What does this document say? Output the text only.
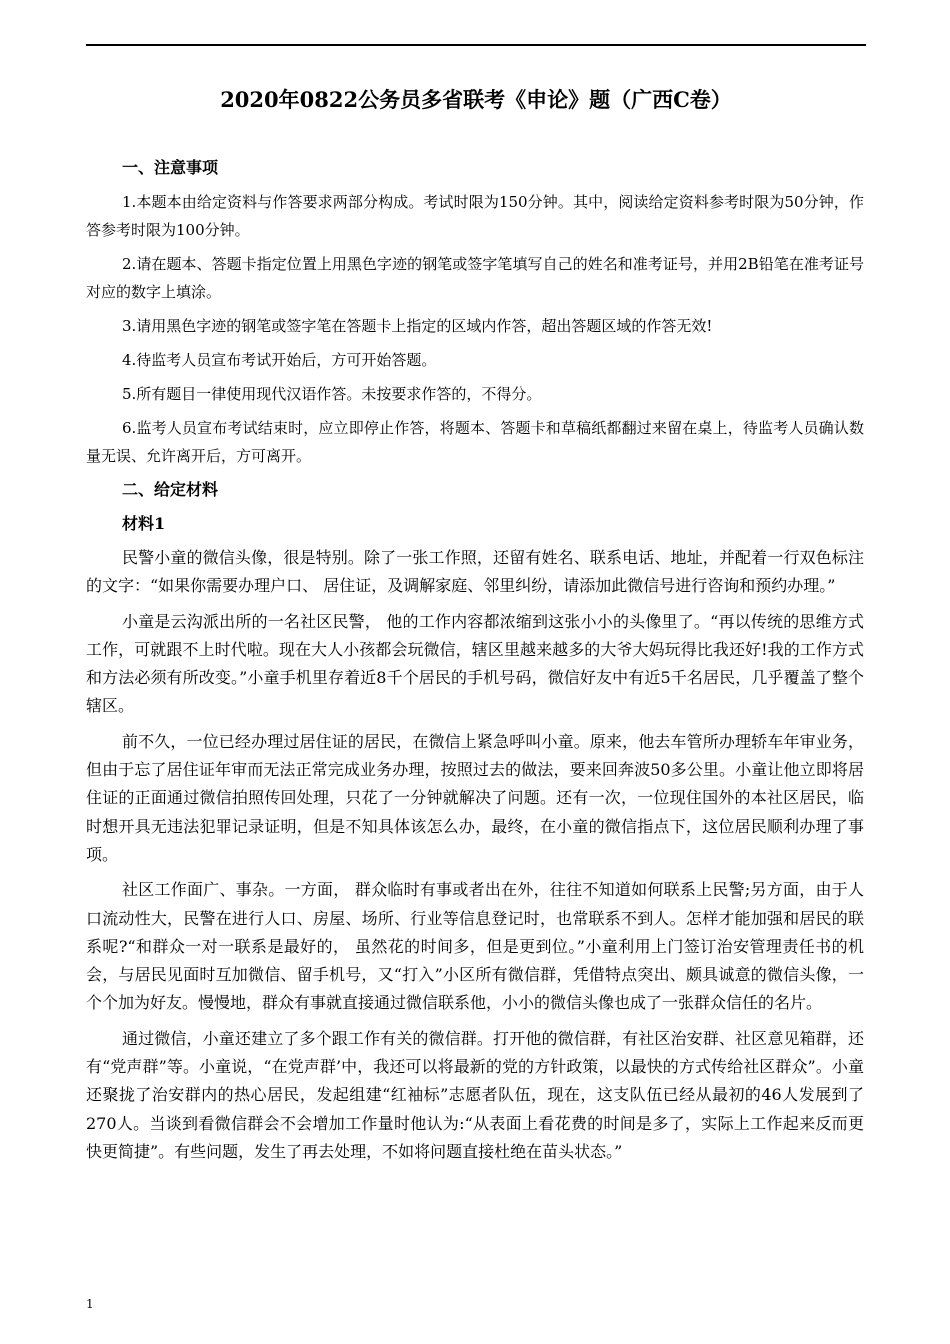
2020年0822公务员多省联考《申论》题（广西C卷）
一、注意事项

1.本题本由给定资料与作答要求两部分构成。考试时限为150分钟。其中，阅读给定资料参考时限为50分钟，作答参考时限为100分钟。

2.请在题本、答题卡指定位置上用黑色字迹的钢笔或签字笔填写自己的姓名和准考证号，并用2B铅笔在准考证号对应的数字上填涂。

3.请用黑色字迹的钢笔或签字笔在答题卡上指定的区域内作答，超出答题区域的作答无效!

4.待监考人员宣布考试开始后，方可开始答题。

5.所有题目一律使用现代汉语作答。未按要求作答的，不得分。

6.监考人员宣布考试结束时，应立即停止作答，将题本、答题卡和草稿纸都翻过来留在桌上，待监考人员确认数量无误、允许离开后，方可离开。

二、给定材料
材料1

民警小童的微信头像，很是特别。除了一张工作照，还留有姓名、联系电话、地址，并配着一行双色标注的文字：“如果你需要办理户口、 居住证，及调解家庭、邻里纠纷，请添加此微信号进行咨询和预约办理。”

小童是云沟派出所的一名社区民警， 他的工作内容都浓缩到这张小小的头像里了。“再以传统的思维方式工作，可就跟不上时代啦。现在大人小孩都会玩微信，辖区里越来越多的大爷大妈玩得比我还好!我的工作方式和方法必须有所改变。”小童手机里存着近8千个居民的手机号码，微信好友中有近5千名居民，几乎覆盖了整个辖区。

前不久，一位已经办理过居住证的居民，在微信上紧急呼叫小童。原来，他去车管所办理轿车年审业务，但由于忘了居住证年审而无法正常完成业务办理，按照过去的做法，要来回奔波50多公里。小童让他立即将居住证的正面通过微信拍照传回处理，只花了一分钟就解决了问题。还有一次，一位现住国外的本社区居民，临时想开具无违法犯罪记录证明，但是不知具体该怎么办，最终，在小童的微信指点下，这位居民顺利办理了事项。

社区工作面广、事杂。一方面， 群众临时有事或者出在外，往往不知道如何联系上民警;另方面，由于人口流动性大，民警在进行人口、房屋、场所、行业等信息登记时，也常联系不到人。怎样才能加强和居民的联系呢?“和群众一对一联系是最好的， 虽然花的时间多，但是更到位。”小童利用上门签订治安管理责任书的机会，与居民见面时互加微信、留手机号，又“打入”小区所有微信群，凭借特点突出、颇具诚意的微信头像，一个个加为好友。慢慢地，群众有事就直接通过微信联系他，小小的微信头像也成了一张群众信任的名片。

通过微信，小童还建立了多个跟工作有关的微信群。打开他的微信群，有社区治安群、社区意见箱群，还有“党声群”等。小童说，“在党声群’中，我还可以将最新的党的方针政策，以最快的方式传给社区群众”。小童还聚拢了治安群内的热心居民，发起组建“红袖标”志愿者队伍，现在，这支队伍已经从最初的46人发展到了270人。当谈到看微信群会不会增加工作量时他认为:“从表面上看花费的时间是多了，实际上工作起来反而更快更简捷”。有些问题，发生了再去处理，不如将问题直接杜绝在苗头状态。”

1
